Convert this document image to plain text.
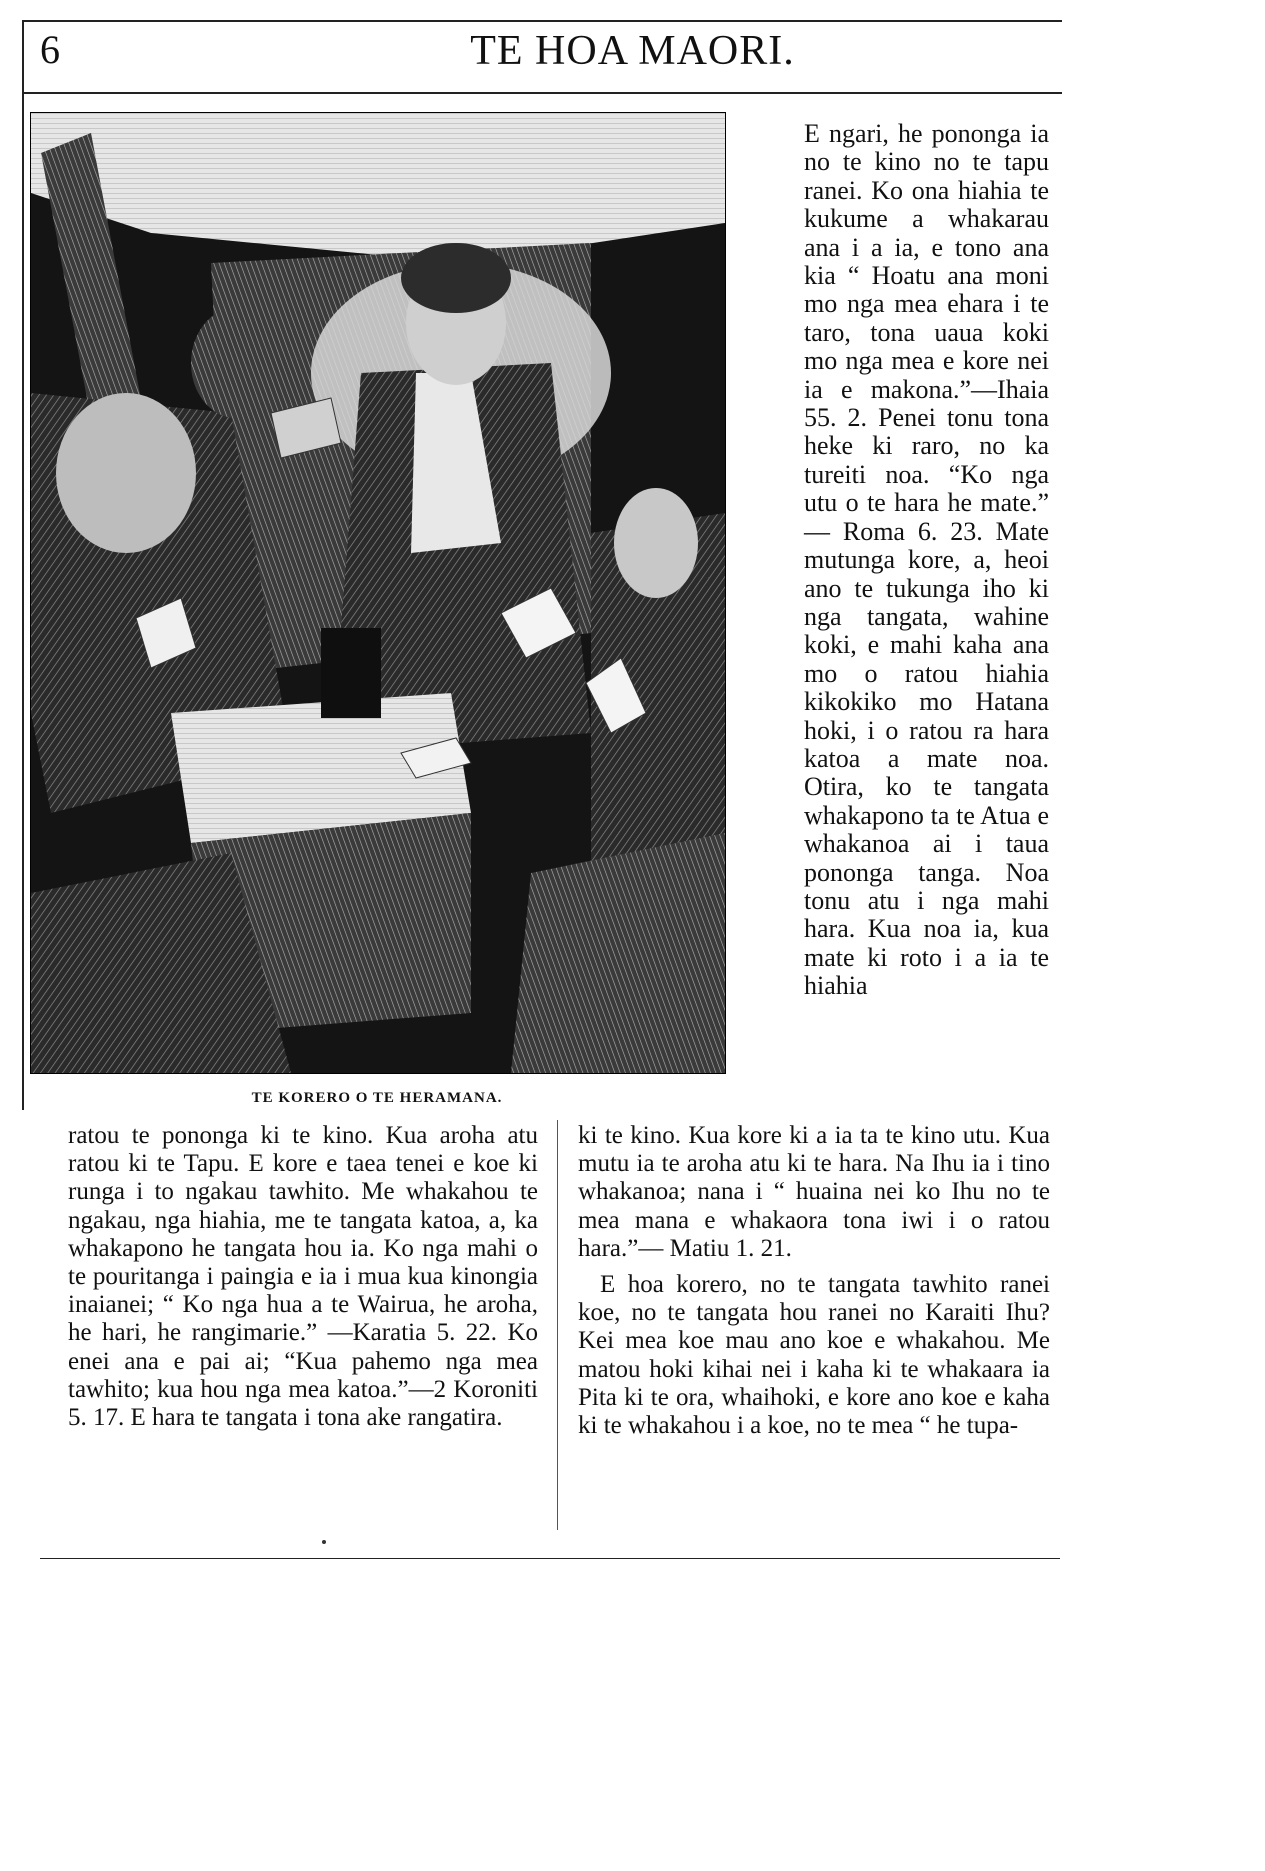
6	TE HOA MAORI.
TE KORERO O TE HERAMANA.

E ngari, he pononga ia no te kino no te tapu ranei. Ko ona hiahia te kukume a whakarau ana i a ia, e tono ana kia “ Hoatu ana moni mo nga mea ehara i te taro, tona uaua koki mo nga mea e kore nei ia e makona.”—Ihaia 55. 2. Penei tonu tona heke ki raro, no ka tureiti noa. “Ko nga utu o te hara he mate.” — Roma 6. 23. Mate mutunga kore, a, heoi ano te tukunga iho ki nga tangata, wahine koki, e mahi kaha ana mo o ratou hiahia kikokiko mo Hatana hoki, i o ratou ra hara katoa a mate noa. Otira, ko te tangata whakapono ta te Atua e whakanoa ai i taua pononga tanga. Noa tonu atu i nga mahi hara. Kua noa ia, kua mate ki roto i a ia te hiahia

ratou te pononga ki te kino. Kua aroha atu ratou ki te Tapu. E kore e taea tenei e koe ki runga i to ngakau tawhito. Me whakahou te ngakau, nga hiahia, me te tangata katoa, a, ka whakapono he tangata hou ia. Ko nga mahi o te pouritanga i paingia e ia i mua kua kinongia inaianei; “ Ko nga hua a te Wairua, he aroha, he hari, he rangimarie.” —Karatia 5. 22. Ko enei ana e pai ai; “Kua pahemo nga mea tawhito; kua hou nga mea katoa.”—2 Koroniti 5. 17. E hara te tangata i tona ake rangatira.

ki te kino. Kua kore ki a ia ta te kino utu. Kua mutu ia te aroha atu ki te hara. Na Ihu ia i tino whakanoa; nana i “ huaina nei ko Ihu no te mea mana e whakaora tona iwi i o ratou hara.”— Matiu 1. 21.

E hoa korero, no te tangata tawhito ranei koe, no te tangata hou ranei no Karaiti Ihu? Kei mea koe mau ano koe e whakahou. Me matou hoki kihai nei i kaha ki te whakaara ia Pita ki te ora, whaihoki, e kore ano koe e kaha ki te whakahou i a koe, no te mea “ he tupa-
